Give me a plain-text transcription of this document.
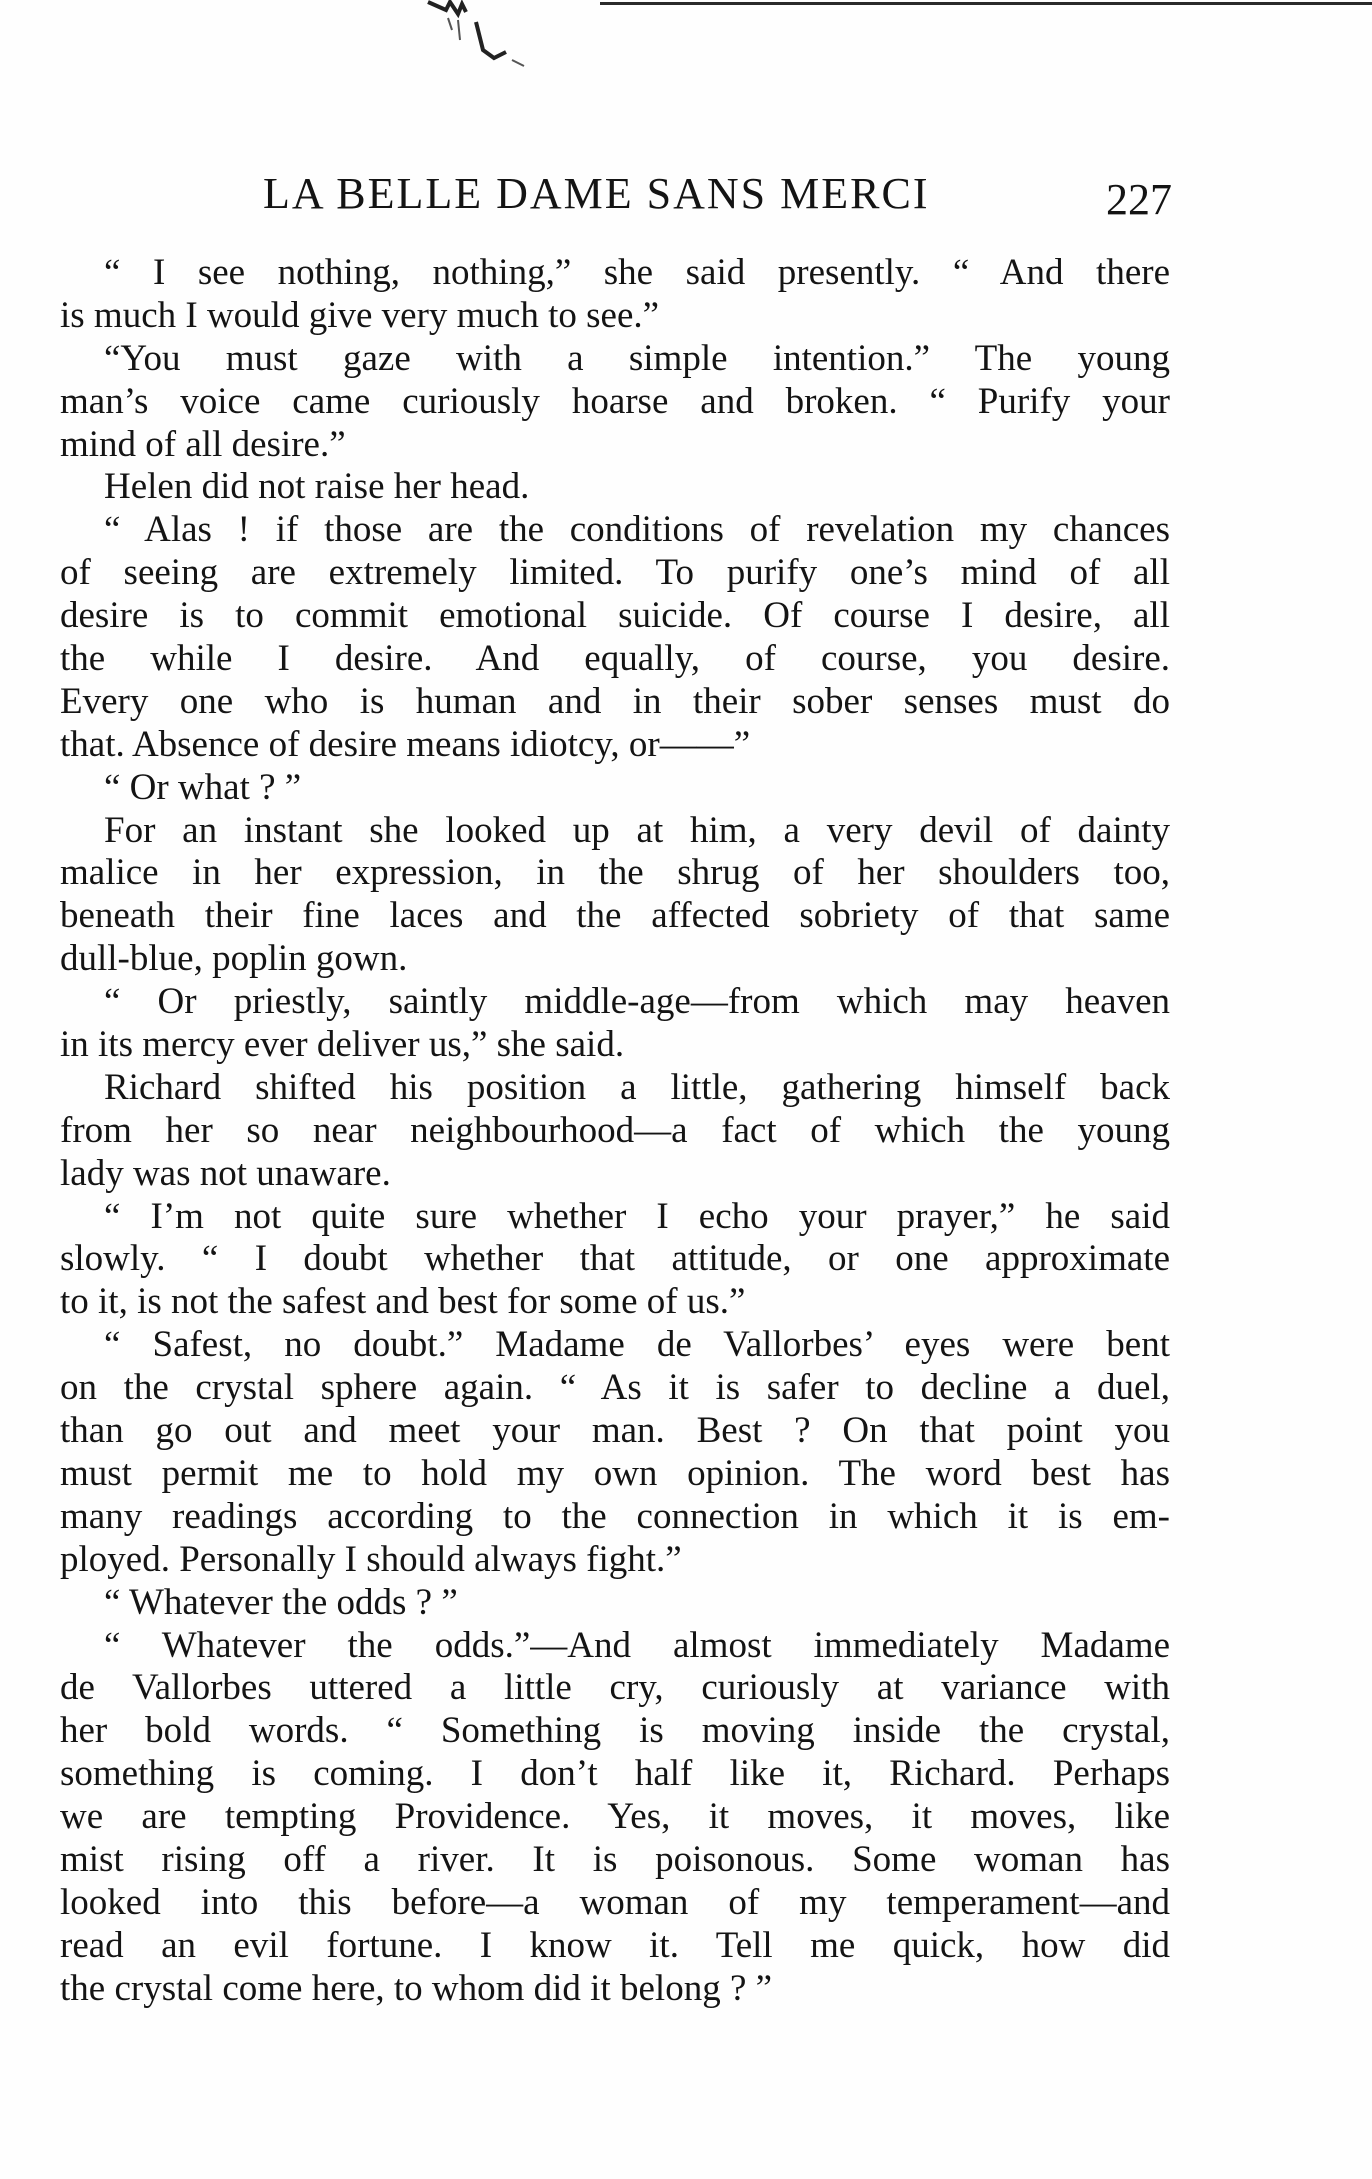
LA BELLE DAME SANS MERCI	227
“ I see nothing, nothing,” she said presently. “ And there
is much I would give very much to see.”
“You must gaze with a simple intention.” The young
man’s voice came curiously hoarse and broken. “ Purify your
mind of all desire.”
Helen did not raise her head.
“ Alas ! if those are the conditions of revelation my chances
of seeing are extremely limited. To purify one’s mind of all
desire is to commit emotional suicide. Of course I desire, all
the while I desire. And equally, of course, you desire.
Every one who is human and in their sober senses must do
that. Absence of desire means idiotcy, or——”
“ Or what ? ”
For an instant she looked up at him, a very devil of dainty
malice in her expression, in the shrug of her shoulders too,
beneath their fine laces and the affected sobriety of that same
dull-blue, poplin gown.
“ Or priestly, saintly middle-age—from which may heaven
in its mercy ever deliver us,” she said.
Richard shifted his position a little, gathering himself back
from her so near neighbourhood—a fact of which the young
lady was not unaware.
“ I’m not quite sure whether I echo your prayer,” he said
slowly. “ I doubt whether that attitude, or one approximate
to it, is not the safest and best for some of us.”
“ Safest, no doubt.” Madame de Vallorbes’ eyes were bent
on the crystal sphere again. “ As it is safer to decline a duel,
than go out and meet your man. Best ? On that point you
must permit me to hold my own opinion. The word best has
many readings according to the connection in which it is em-
ployed. Personally I should always fight.”
“ Whatever the odds ? ”
“ Whatever the odds.”—And almost immediately Madame
de Vallorbes uttered a little cry, curiously at variance with
her bold words. “ Something is moving inside the crystal,
something is coming. I don’t half like it, Richard. Perhaps
we are tempting Providence. Yes, it moves, it moves, like
mist rising off a river. It is poisonous. Some woman has
looked into this before—a woman of my temperament—and
read an evil fortune. I know it. Tell me quick, how did
the crystal come here, to whom did it belong ? ”
